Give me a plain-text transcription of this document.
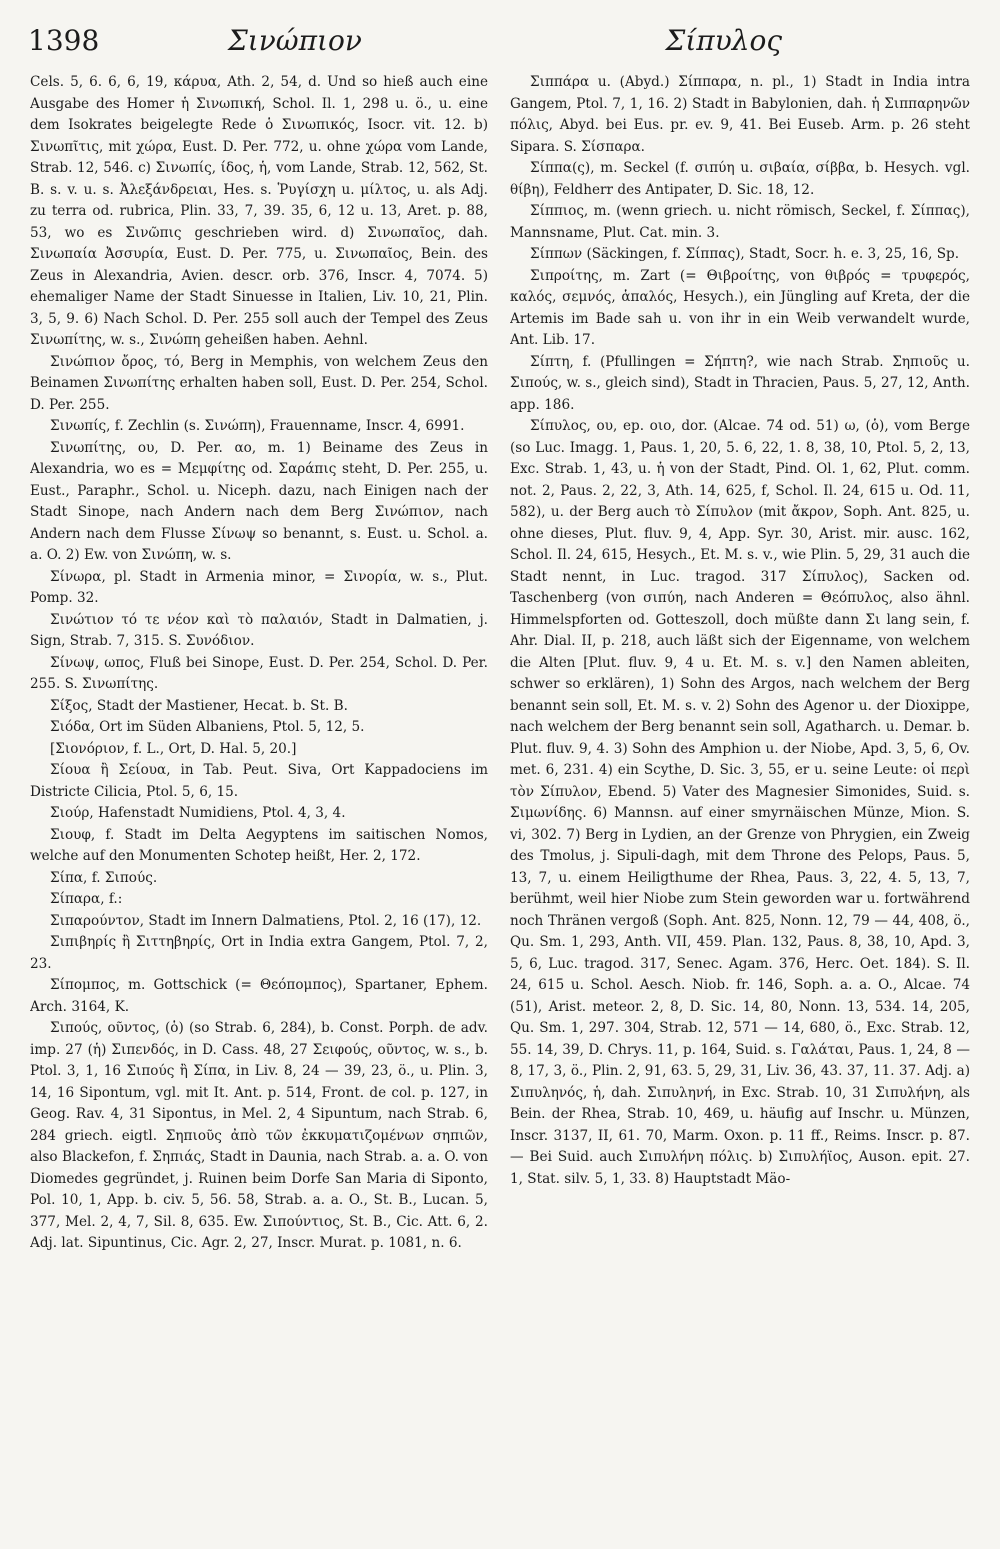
1398	Σινώπιον	Σίπυλος

Cels. 5, 6. 6, 6, 19, κάρυα, Ath. 2, 54, d. Und so hieß auch eine Ausgabe des Homer ἡ Σινωπική, Schol. Il. 1, 298 u. ö., u. eine dem Isokrates beigelegte Rede ὁ Σινωπικός, Isocr. vit. 12. b) Σινωπῖτις, mit χώρα, Eust. D. Per. 772, u. ohne χώρα vom Lande, Strab. 12, 546. c) Σινωπίς, ίδος, ἡ, vom Lande, Strab. 12, 562, St. B. s. v. u. s. Ἀλεξάνδρειαι, Hes. s. Ῥυγίσχη u. μίλτος, u. als Adj. zu terra od. rubrica, Plin. 33, 7, 39. 35, 6, 12 u. 13, Aret. p. 88, 53, wo es Σινῶπις geschrieben wird. d) Σινωπαῖος, dah. Σινωπαία Ἀσσυρία, Eust. D. Per. 775, u. Σινωπαῖος, Bein. des Zeus in Alexandria, Avien. descr. orb. 376, Inscr. 4, 7074. 5) ehemaliger Name der Stadt Sinuesse in Italien, Liv. 10, 21, Plin. 3, 5, 9. 6) Nach Schol. D. Per. 255 soll auch der Tempel des Zeus Σινωπίτης, w. s., Σινώπη geheißen haben. Aehnl.

Σινώπιον ὄρος, τό, Berg in Memphis, von welchem Zeus den Beinamen Σινωπίτης erhalten haben soll, Eust. D. Per. 254, Schol. D. Per. 255.

Σινωπίς, f. Zechlin (s. Σινώπη), Frauenname, Inscr. 4, 6991.

Σινωπίτης, ου, D. Per. αο, m. 1) Beiname des Zeus in Alexandria, wo es = Μεμφίτης od. Σαράπις steht, D. Per. 255, u. Eust., Paraphr., Schol. u. Niceph. dazu, nach Einigen nach der Stadt Sinope, nach Andern nach dem Berg Σινώπιον, nach Andern nach dem Flusse Σίνωψ so benannt, s. Eust. u. Schol. a. a. O. 2) Ew. von Σινώπη, w. s.

Σίνωρα, pl. Stadt in Armenia minor, = Σινορία, w. s., Plut. Pomp. 32.

Σινώτιον τό τε νέον καὶ τὸ παλαιόν, Stadt in Dalmatien, j. Sign, Strab. 7, 315. S. Συνόδιον.

Σίνωψ, ωπος, Fluß bei Sinope, Eust. D. Per. 254, Schol. D. Per. 255. S. Σινωπίτης.

Σίξος, Stadt der Mastiener, Hecat. b. St. B.

Σιόδα, Ort im Süden Albaniens, Ptol. 5, 12, 5.

[Σιονόριον, f. L., Ort, D. Hal. 5, 20.]

Σίουα ἢ Σείουα, in Tab. Peut. Siva, Ort Kappadociens im Districte Cilicia, Ptol. 5, 6, 15.

Σιούρ, Hafenstadt Numidiens, Ptol. 4, 3, 4.

Σιουφ, f. Stadt im Delta Aegyptens im saitischen Nomos, welche auf den Monumenten Schotep heißt, Her. 2, 172.

Σίπα, f. Σιπούς.

Σίπαρα, f.:

Σιπαρούντον, Stadt im Innern Dalmatiens, Ptol. 2, 16 (17), 12.

Σιπιβηρίς ἢ Σιττηβηρίς, Ort in India extra Gangem, Ptol. 7, 2, 23.

Σίπομπος, m. Gottschick (= Θεόπομπος), Spartaner, Ephem. Arch. 3164, K.

Σιπούς, οῦντος, (ὁ) (so Strab. 6, 284), b. Const. Porph. de adv. imp. 27 (ἡ) Σιπενδός, in D. Cass. 48, 27 Σειφούς, οῦντος, w. s., b. Ptol. 3, 1, 16 Σιπούς ἢ Σίπα, in Liv. 8, 24 — 39, 23, ö., u. Plin. 3, 14, 16 Sipontum, vgl. mit It. Ant. p. 514, Front. de col. p. 127, in Geog. Rav. 4, 31 Sipontus, in Mel. 2, 4 Sipuntum, nach Strab. 6, 284 griech. eigtl. Σηπιοῦς ἀπὸ τῶν ἐκκυματιζομένων σηπιῶν, also Blackefon, f. Σηπιάς, Stadt in Daunia, nach Strab. a. a. O. von Diomedes gegründet, j. Ruinen beim Dorfe San Maria di Siponto, Pol. 10, 1, App. b. civ. 5, 56. 58, Strab. a. a. O., St. B., Lucan. 5, 377, Mel. 2, 4, 7, Sil. 8, 635. Ew. Σιπούντιος, St. B., Cic. Att. 6, 2. Adj. lat. Sipuntinus, Cic. Agr. 2, 27, Inscr. Murat. p. 1081, n. 6.

Σιππάρα u. (Abyd.) Σίππαρα, n. pl., 1) Stadt in India intra Gangem, Ptol. 7, 1, 16. 2) Stadt in Babylonien, dah. ἡ Σιππαρηνῶν πόλις, Abyd. bei Eus. pr. ev. 9, 41. Bei Euseb. Arm. p. 26 steht Sipara. S. Σίσπαρα.

Σίππα(ς), m. Seckel (f. σιπύη u. σιβαία, σίββα, b. Hesych. vgl. θίβη), Feldherr des Antipater, D. Sic. 18, 12.

Σίππιος, m. (wenn griech. u. nicht römisch, Seckel, f. Σίππας), Mannsname, Plut. Cat. min. 3.

Σίππων (Säckingen, f. Σίππας), Stadt, Socr. h. e. 3, 25, 16, Sp.

Σιπροίτης, m. Zart (= Θιβροίτης, von θιβρός = τρυφερός, καλός, σεμνός, ἁπαλός, Hesych.), ein Jüngling auf Kreta, der die Artemis im Bade sah u. von ihr in ein Weib verwandelt wurde, Ant. Lib. 17.

Σίπτη, f. (Pfullingen = Σήπτη?, wie nach Strab. Σηπιοῦς u. Σιπούς, w. s., gleich sind), Stadt in Thracien, Paus. 5, 27, 12, Anth. app. 186.

Σίπυλος, ου, ep. οιο, dor. (Alcae. 74 od. 51) ω, (ὁ), vom Berge (so Luc. Imagg. 1, Paus. 1, 20, 5. 6, 22, 1. 8, 38, 10, Ptol. 5, 2, 13, Exc. Strab. 1, 43, u. ἡ von der Stadt, Pind. Ol. 1, 62, Plut. comm. not. 2, Paus. 2, 22, 3, Ath. 14, 625, f, Schol. Il. 24, 615 u. Od. 11, 582), u. der Berg auch τὸ Σίπυλον (mit ἄκρον, Soph. Ant. 825, u. ohne dieses, Plut. fluv. 9, 4, App. Syr. 30, Arist. mir. ausc. 162, Schol. Il. 24, 615, Hesych., Et. M. s. v., wie Plin. 5, 29, 31 auch die Stadt nennt, in Luc. tragod. 317 Σίπυλος), Sacken od. Taschenberg (von σιπύη, nach Anderen = Θεόπυλος, also ähnl. Himmelspforten od. Gotteszoll, doch müßte dann Σι lang sein, f. Ahr. Dial. II, p. 218, auch läßt sich der Eigenname, von welchem die Alten [Plut. fluv. 9, 4 u. Et. M. s. v.] den Namen ableiten, schwer so erklären), 1) Sohn des Argos, nach welchem der Berg benannt sein soll, Et. M. s. v. 2) Sohn des Agenor u. der Dioxippe, nach welchem der Berg benannt sein soll, Agatharch. u. Demar. b. Plut. fluv. 9, 4. 3) Sohn des Amphion u. der Niobe, Apd. 3, 5, 6, Ov. met. 6, 231. 4) ein Scythe, D. Sic. 3, 55, er u. seine Leute: οἱ περὶ τὸν Σίπυλον, Ebend. 5) Vater des Magnesier Simonides, Suid. s. Σιμωνίδης. 6) Mannsn. auf einer smyrnäischen Münze, Mion. S. vi, 302. 7) Berg in Lydien, an der Grenze von Phrygien, ein Zweig des Tmolus, j. Sipuli-dagh, mit dem Throne des Pelops, Paus. 5, 13, 7, u. einem Heiligthume der Rhea, Paus. 3, 22, 4. 5, 13, 7, berühmt, weil hier Niobe zum Stein geworden war u. fortwährend noch Thränen vergoß (Soph. Ant. 825, Nonn. 12, 79 — 44, 408, ö., Qu. Sm. 1, 293, Anth. VII, 459. Plan. 132, Paus. 8, 38, 10, Apd. 3, 5, 6, Luc. tragod. 317, Senec. Agam. 376, Herc. Oet. 184). S. Il. 24, 615 u. Schol. Aesch. Niob. fr. 146, Soph. a. a. O., Alcae. 74 (51), Arist. meteor. 2, 8, D. Sic. 14, 80, Nonn. 13, 534. 14, 205, Qu. Sm. 1, 297. 304, Strab. 12, 571 — 14, 680, ö., Exc. Strab. 12, 55. 14, 39, D. Chrys. 11, p. 164, Suid. s. Γαλάται, Paus. 1, 24, 8 — 8, 17, 3, ö., Plin. 2, 91, 63. 5, 29, 31, Liv. 36, 43. 37, 11. 37. Adj. a) Σιπυληνός, ἡ, dah. Σιπυληνή, in Exc. Strab. 10, 31 Σιπυλήνη, als Bein. der Rhea, Strab. 10, 469, u. häufig auf Inschr. u. Münzen, Inscr. 3137, II, 61. 70, Marm. Oxon. p. 11 ff., Reims. Inscr. p. 87. — Bei Suid. auch Σιπυλήνη πόλις. b) Σιπυλήϊος, Auson. epit. 27. 1, Stat. silv. 5, 1, 33. 8) Hauptstadt Mäo-
